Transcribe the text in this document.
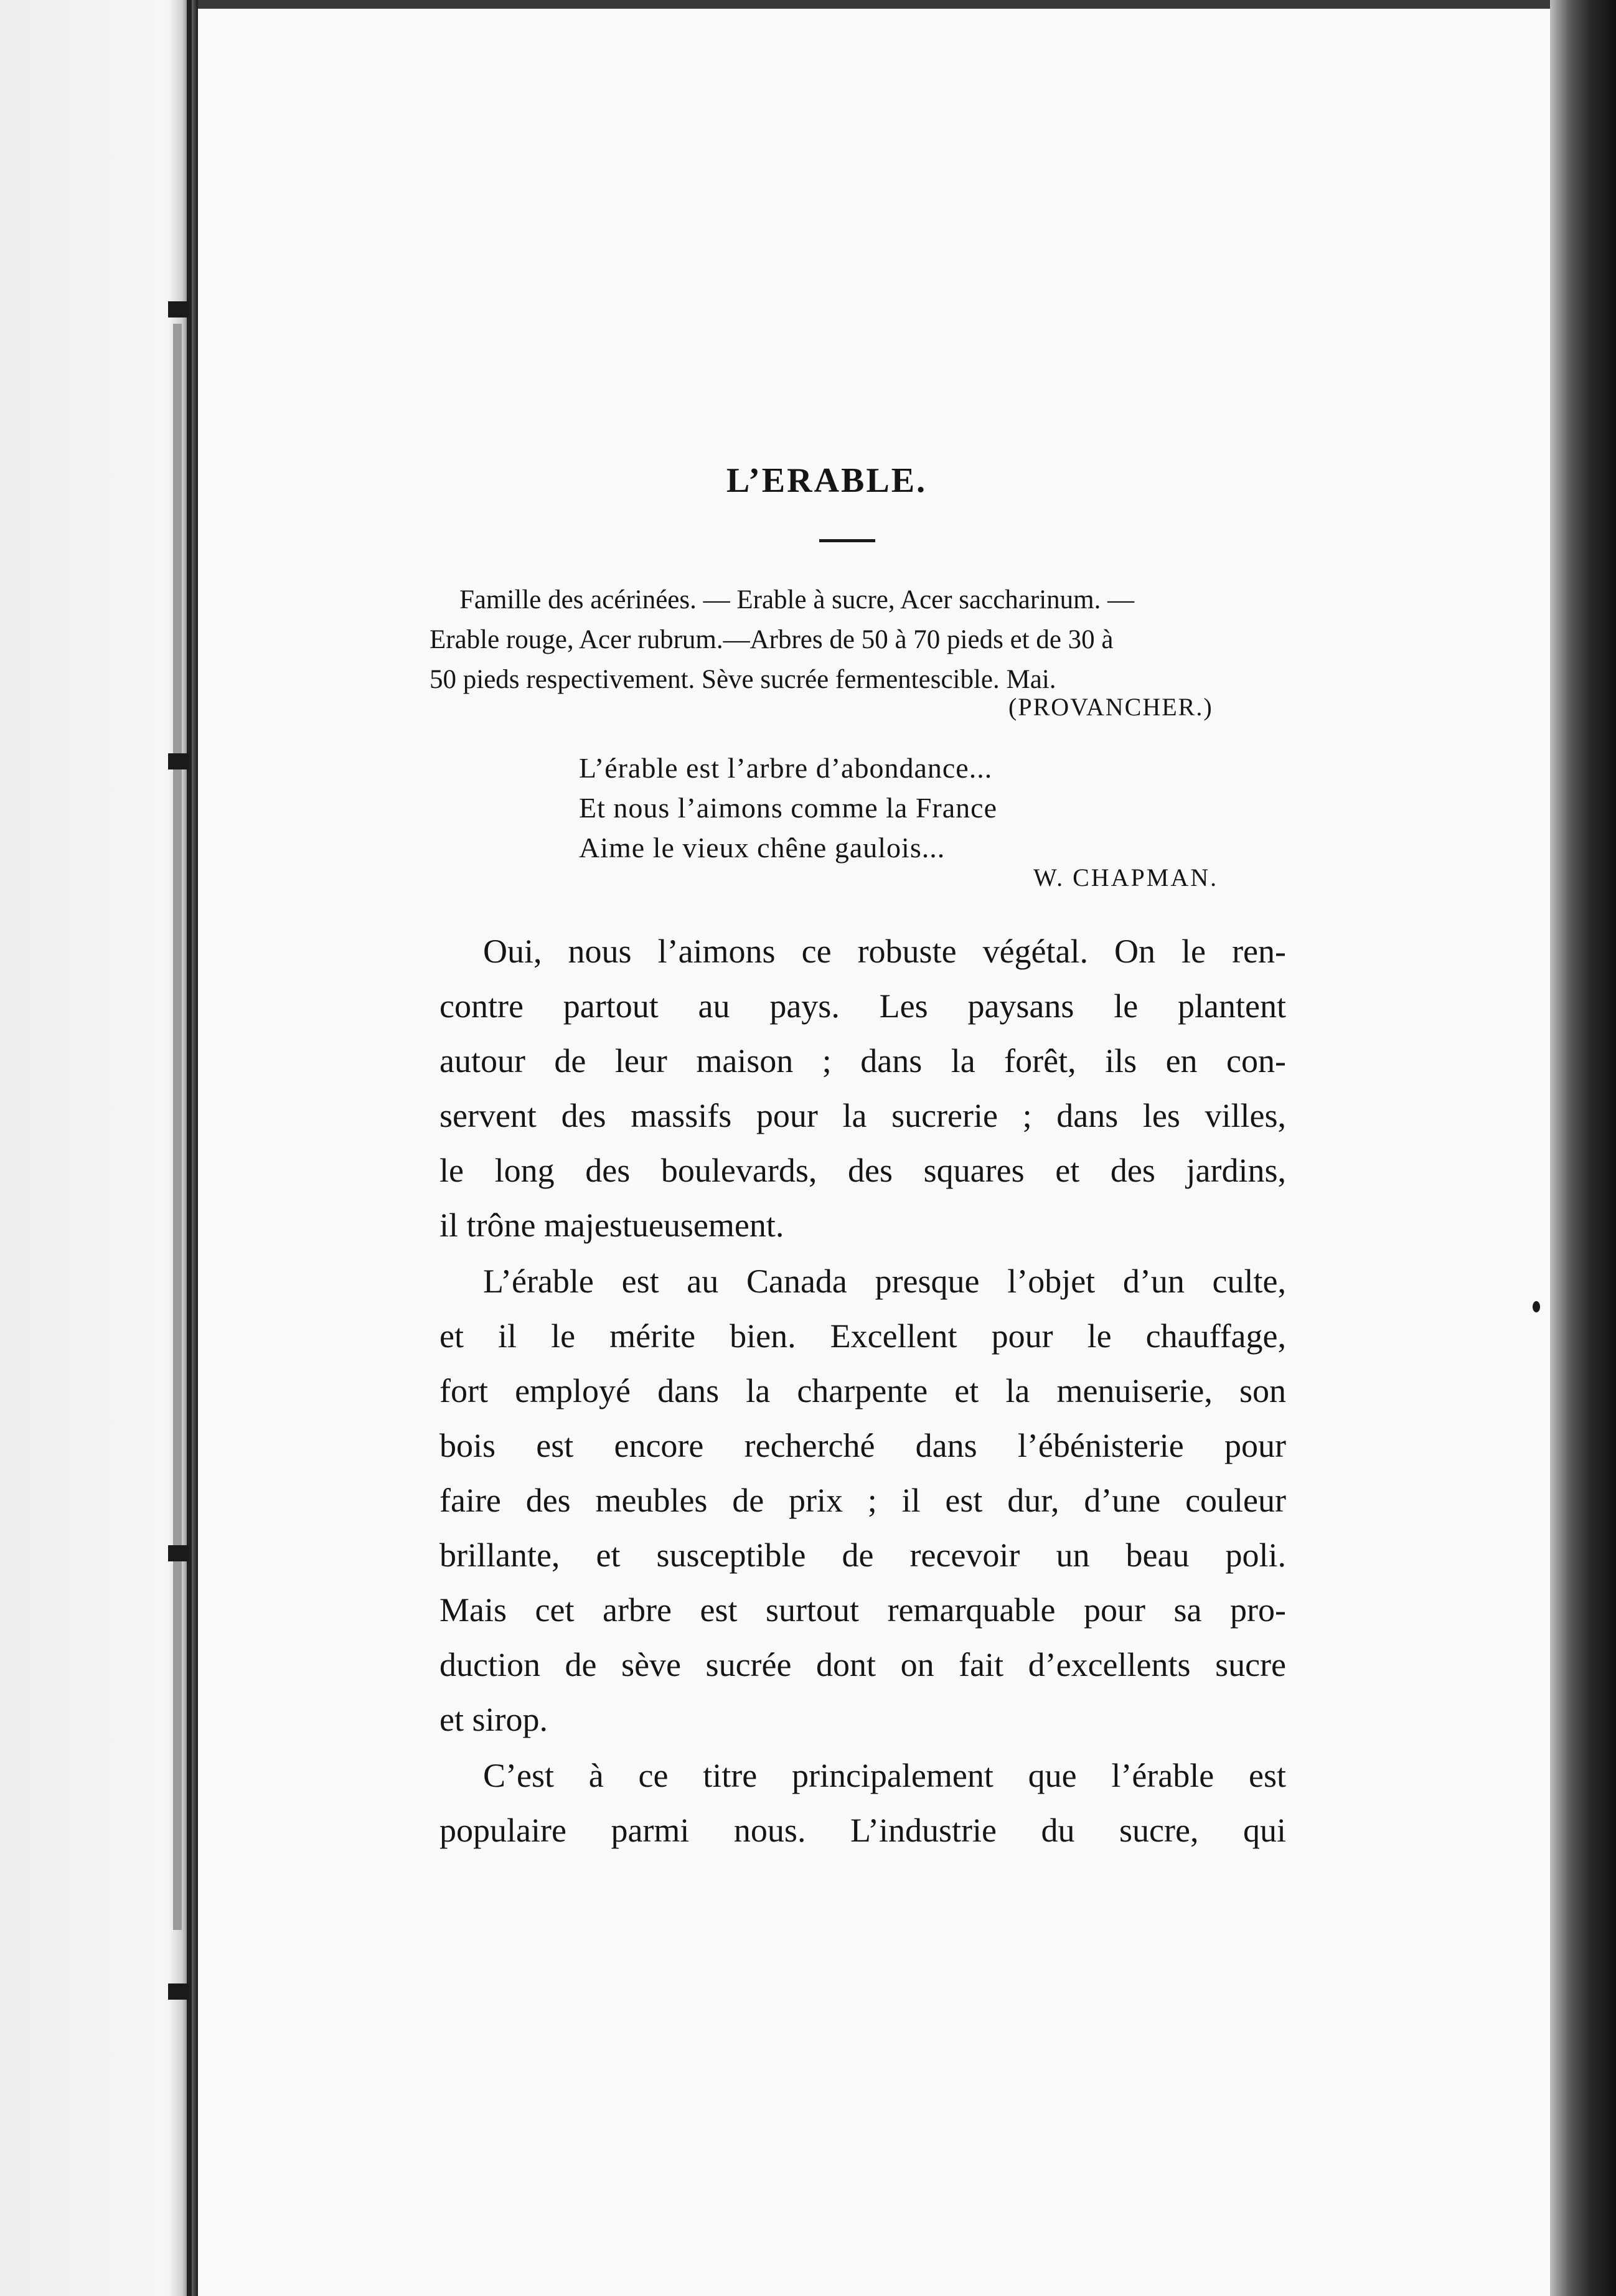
L’ERABLE.
Famille des acérinées. — Erable à sucre, Acer saccharinum. —
Erable rouge, Acer rubrum.—Arbres de 50 à 70 pieds et de 30 à
50 pieds respectivement. Sève sucrée fermentescible. Mai.
(PROVANCHER.)
L’érable est l’arbre d’abondance...
Et nous l’aimons comme la France
Aime le vieux chêne gaulois...
W. CHAPMAN.

Oui, nous l’aimons ce robuste végétal. On le ren-
contre partout au pays. Les paysans le plantent
autour de leur maison ; dans la forêt, ils en con-
servent des massifs pour la sucrerie ; dans les villes,
le long des boulevards, des squares et des jardins,
il trône majestueusement.

L’érable est au Canada presque l’objet d’un culte,
et il le mérite bien. Excellent pour le chauffage,
fort employé dans la charpente et la menuiserie, son
bois est encore recherché dans l’ébénisterie pour
faire des meubles de prix ; il est dur, d’une couleur
brillante, et susceptible de recevoir un beau poli.
Mais cet arbre est surtout remarquable pour sa pro-
duction de sève sucrée dont on fait d’excellents sucre
et sirop.

C’est à ce titre principalement que l’érable est
populaire parmi nous. L’industrie du sucre, qui
